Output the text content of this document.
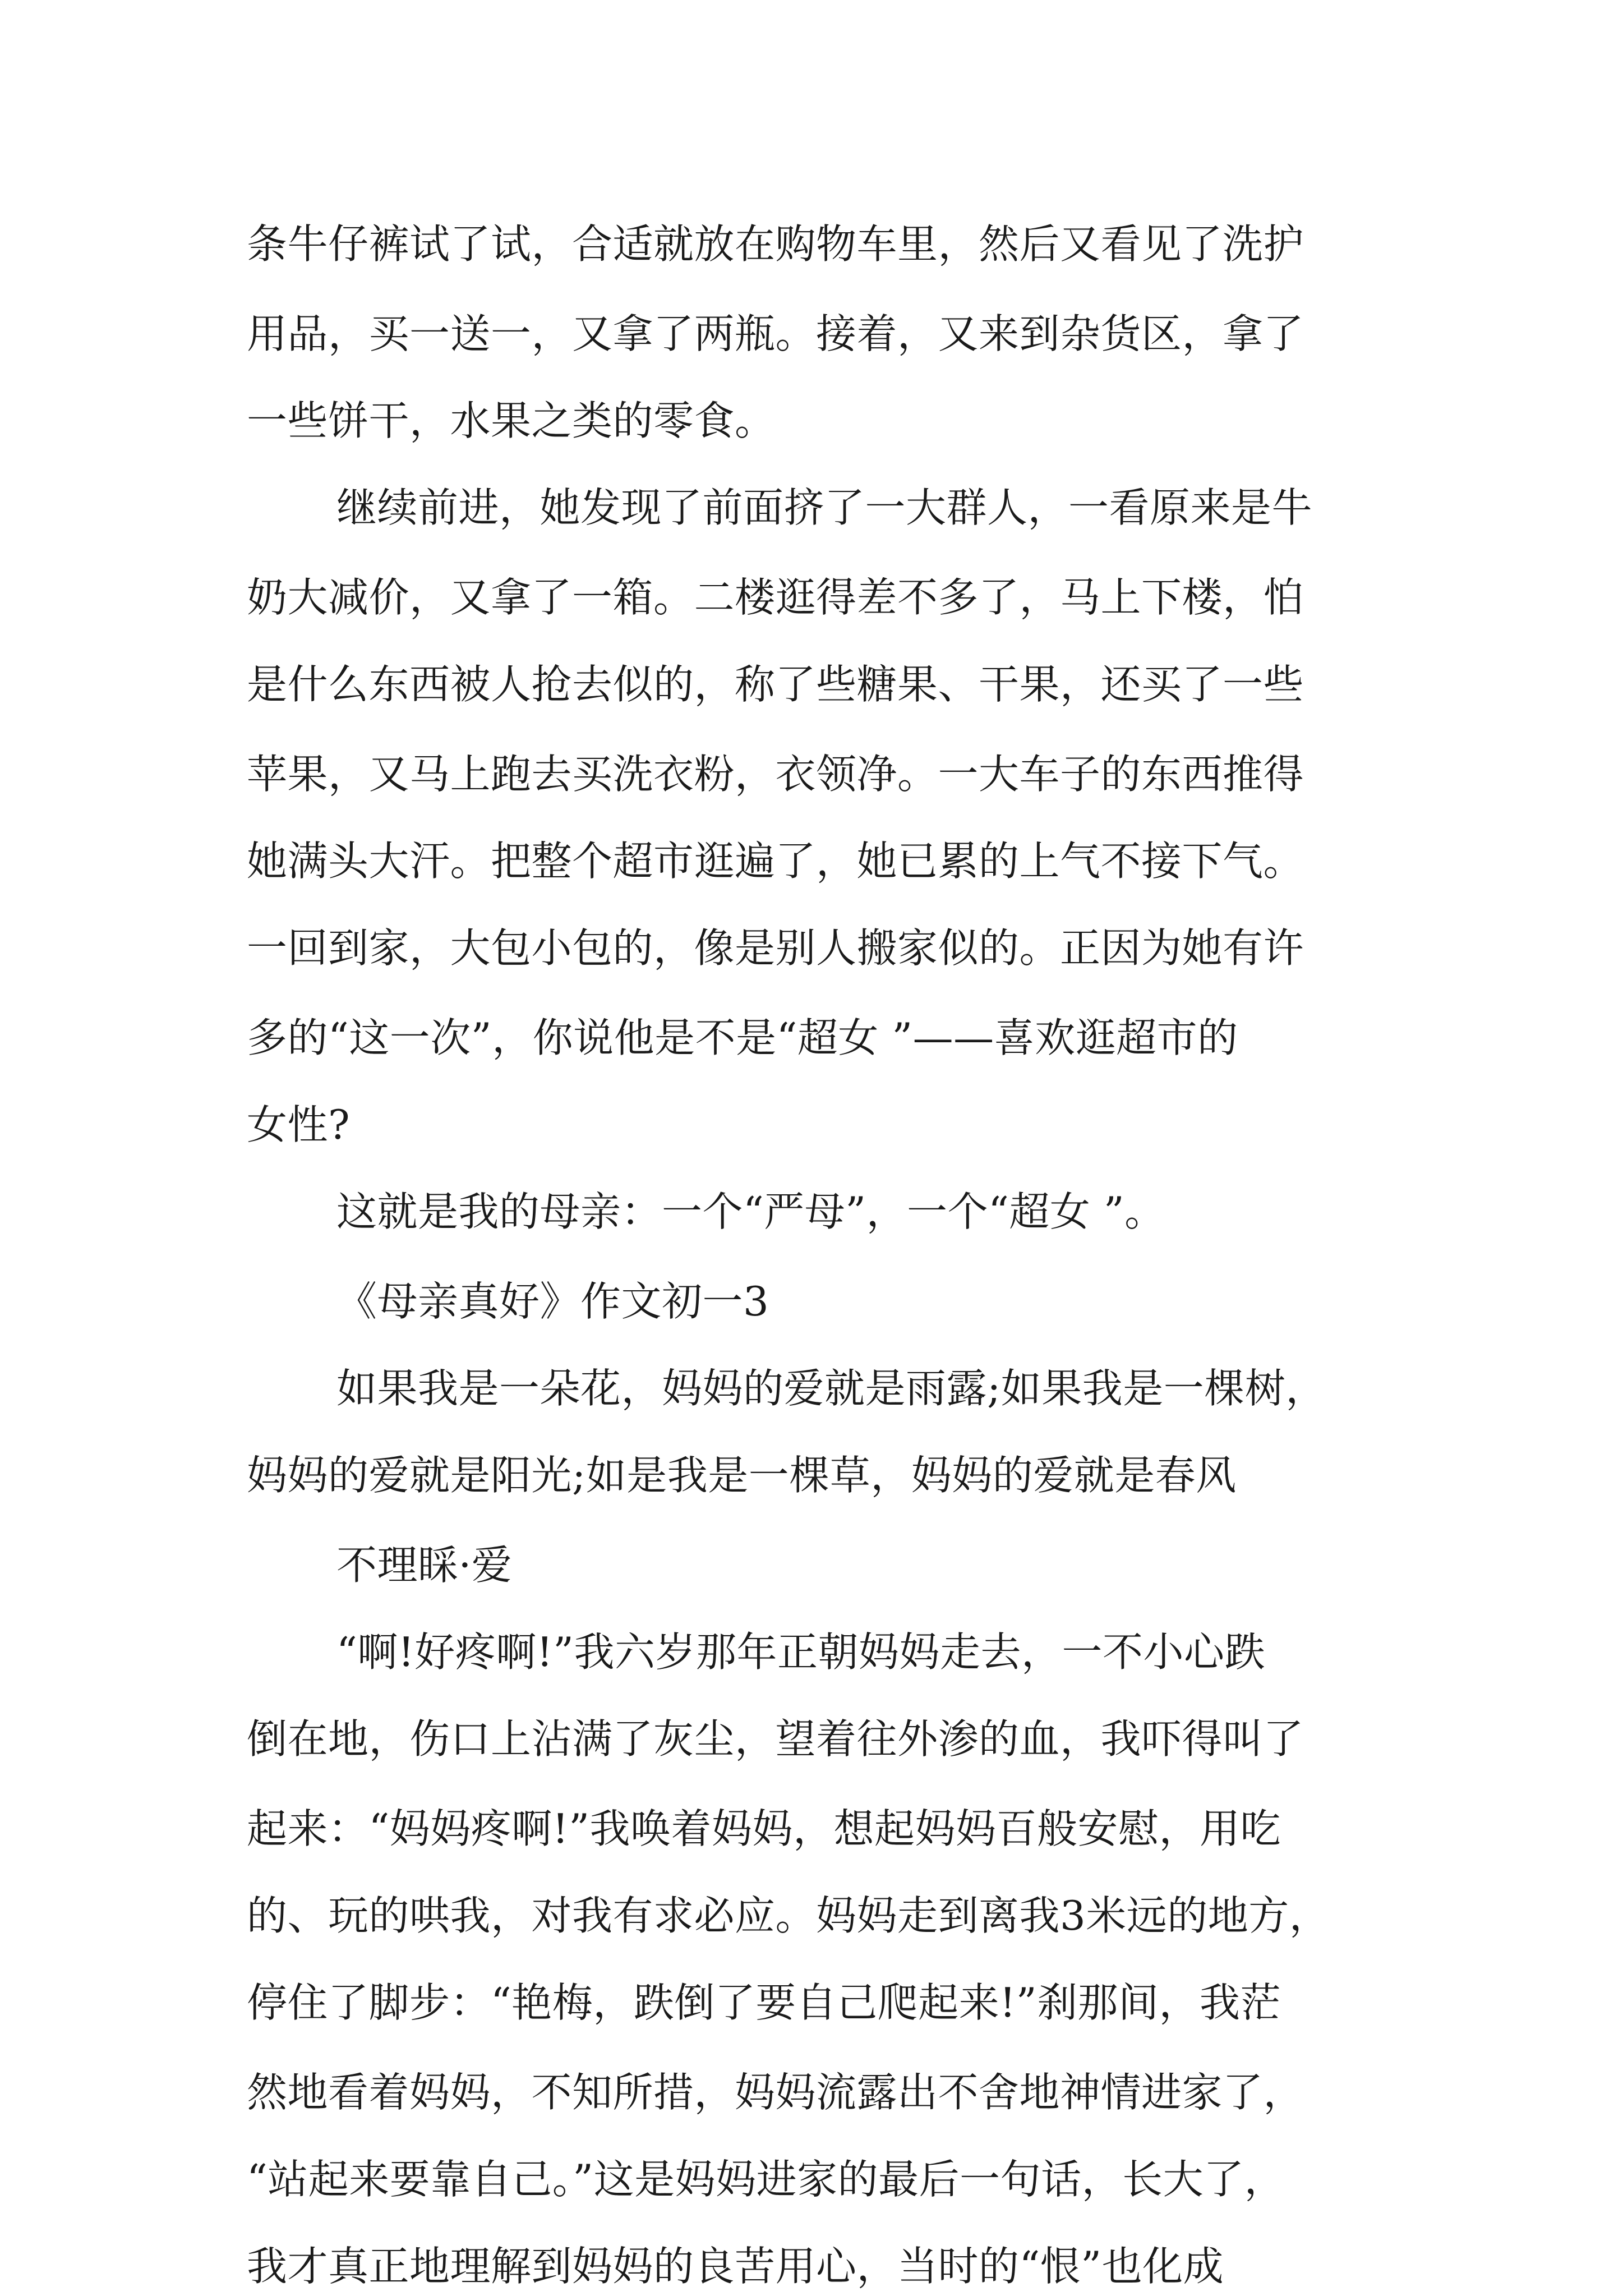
条牛仔裤试了试，合适就放在购物车里，然后又看见了洗护
用品，买一送一，又拿了两瓶。接着，又来到杂货区，拿了
一些饼干，水果之类的零食。
继续前进，她发现了前面挤了一大群人，一看原来是牛
奶大减价，又拿了一箱。二楼逛得差不多了，马上下楼，怕
是什么东西被人抢去似的，称了些糖果、干果，还买了一些
苹果，又马上跑去买洗衣粉，衣领净。一大车子的东西推得
她满头大汗。把整个超市逛遍了，她已累的上气不接下气。
一回到家，大包小包的，像是别人搬家似的。正因为她有许
多的“这一次”，你说他是不是“超女 ”——喜欢逛超市的
女性?
这就是我的母亲：一个“严母”，一个“超女 ”。
《母亲真好》作文初一3
如果我是一朵花，妈妈的爱就是雨露;如果我是一棵树，
妈妈的爱就是阳光;如是我是一棵草，妈妈的爱就是春风
不理睬·爱
“啊!好疼啊!”我六岁那年正朝妈妈走去，一不小心跌
倒在地，伤口上沾满了灰尘，望着往外渗的血，我吓得叫了
起来：“妈妈疼啊!”我唤着妈妈，想起妈妈百般安慰，用吃
的、玩的哄我，对我有求必应。妈妈走到离我3米远的地方，
停住了脚步：“艳梅，跌倒了要自己爬起来!”刹那间，我茫
然地看着妈妈，不知所措，妈妈流露出不舍地神情进家了，
“站起来要靠自己。”这是妈妈进家的最后一句话，长大了，
我才真正地理解到妈妈的良苦用心，当时的“恨”也化成
